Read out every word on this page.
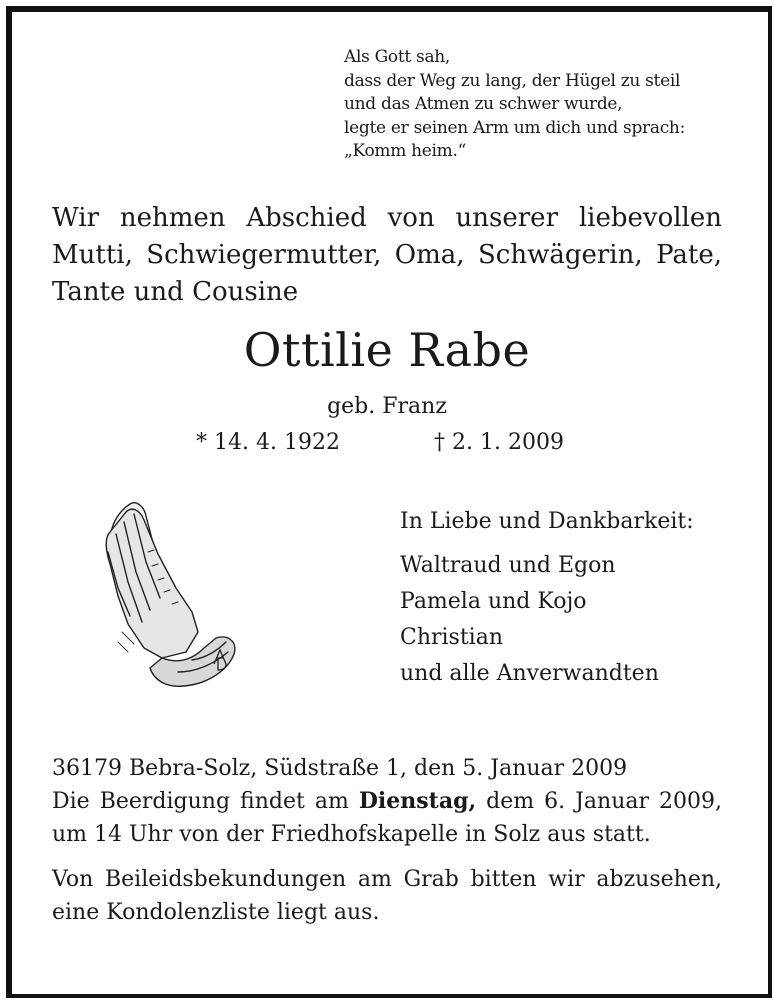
Als Gott sah,
dass der Weg zu lang, der Hügel zu steil
und das Atmen zu schwer wurde,
legte er seinen Arm um dich und sprach:
„Komm heim.“
Wir nehmen Abschied von unserer liebevollen Mutti, Schwiegermutter, Oma, Schwägerin, Pate, Tante und Cousine
Ottilie Rabe
geb. Franz
* 14. 4. 1922	† 2. 1. 2009
In Liebe und Dankbarkeit:
Waltraud und Egon
Pamela und Kojo
Christian
und alle Anverwandten

36179 Bebra-Solz, Südstraße 1, den 5. Januar 2009

Die Beerdigung findet am Dienstag, dem 6. Januar 2009, um 14 Uhr von der Friedhofskapelle in Solz aus statt.

Von Beileidsbekundungen am Grab bitten wir abzusehen, eine Kondolenzliste liegt aus.
